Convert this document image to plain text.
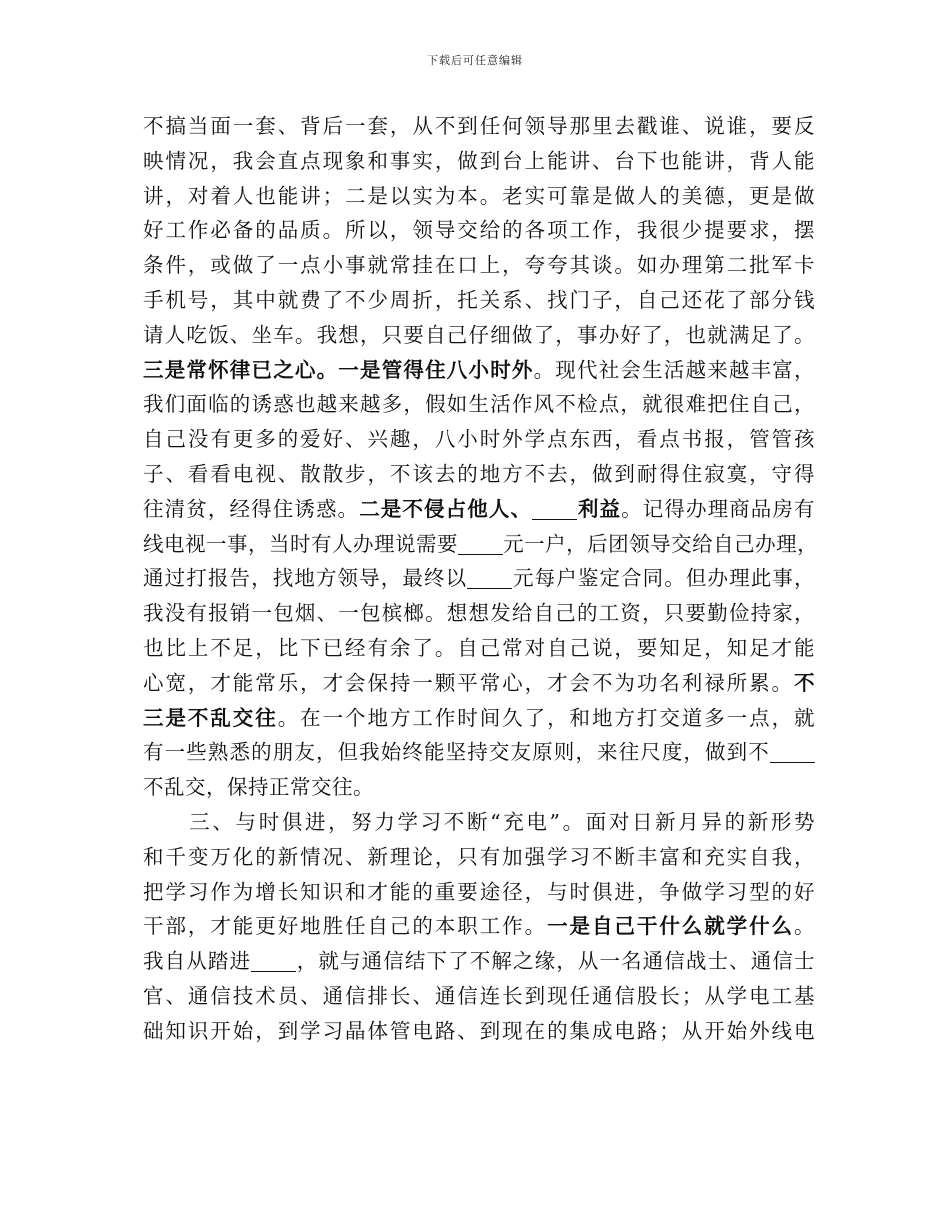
下载后可任意编辑
不搞当面一套、背后一套，从不到任何领导那里去戳谁、说谁，要反
映情况，我会直点现象和事实，做到台上能讲、台下也能讲，背人能
讲，对着人也能讲；二是以实为本。老实可靠是做人的美德，更是做
好工作必备的品质。所以，领导交给的各项工作，我很少提要求，摆
条件，或做了一点小事就常挂在口上，夸夸其谈。如办理第二批军卡
手机号，其中就费了不少周折，托关系、找门子，自己还花了部分钱
请人吃饭、坐车。我想，只要自己仔细做了，事办好了，也就满足了。
三是常怀律已之心。一是管得住八小时外。现代社会生活越来越丰富，
我们面临的诱惑也越来越多，假如生活作风不检点，就很难把住自己，
自己没有更多的爱好、兴趣，八小时外学点东西，看点书报，管管孩
子、看看电视、散散步，不该去的地方不去，做到耐得住寂寞，守得
往清贫，经得住诱惑。二是不侵占他人、 利益。记得办理商品房有
线电视一事，当时有人办理说需要 元一户，后团领导交给自己办理，
通过打报告，找地方领导，最终以 元每户鉴定合同。但办理此事，
我没有报销一包烟、一包槟榔。想想发给自己的工资，只要勤俭持家，
也比上不足，比下已经有余了。自己常对自己说，要知足，知足才能
心宽，才能常乐，才会保持一颗平常心，才会不为功名利禄所累。不
三是不乱交往。在一个地方工作时间久了，和地方打交道多一点，就
有一些熟悉的朋友，但我始终能坚持交友原则，来往尺度，做到不
不乱交，保持正常交往。
　　三、与时俱进，努力学习不断“充电”。面对日新月异的新形势
和千变万化的新情况、新理论，只有加强学习不断丰富和充实自我，
把学习作为增长知识和才能的重要途径，与时俱进，争做学习型的好
干部，才能更好地胜任自己的本职工作。一是自己干什么就学什么。
我自从踏进 ，就与通信结下了不解之缘，从一名通信战士、通信士
官、通信技术员、通信排长、通信连长到现任通信股长；从学电工基
础知识开始，到学习晶体管电路、到现在的集成电路；从开始外线电
